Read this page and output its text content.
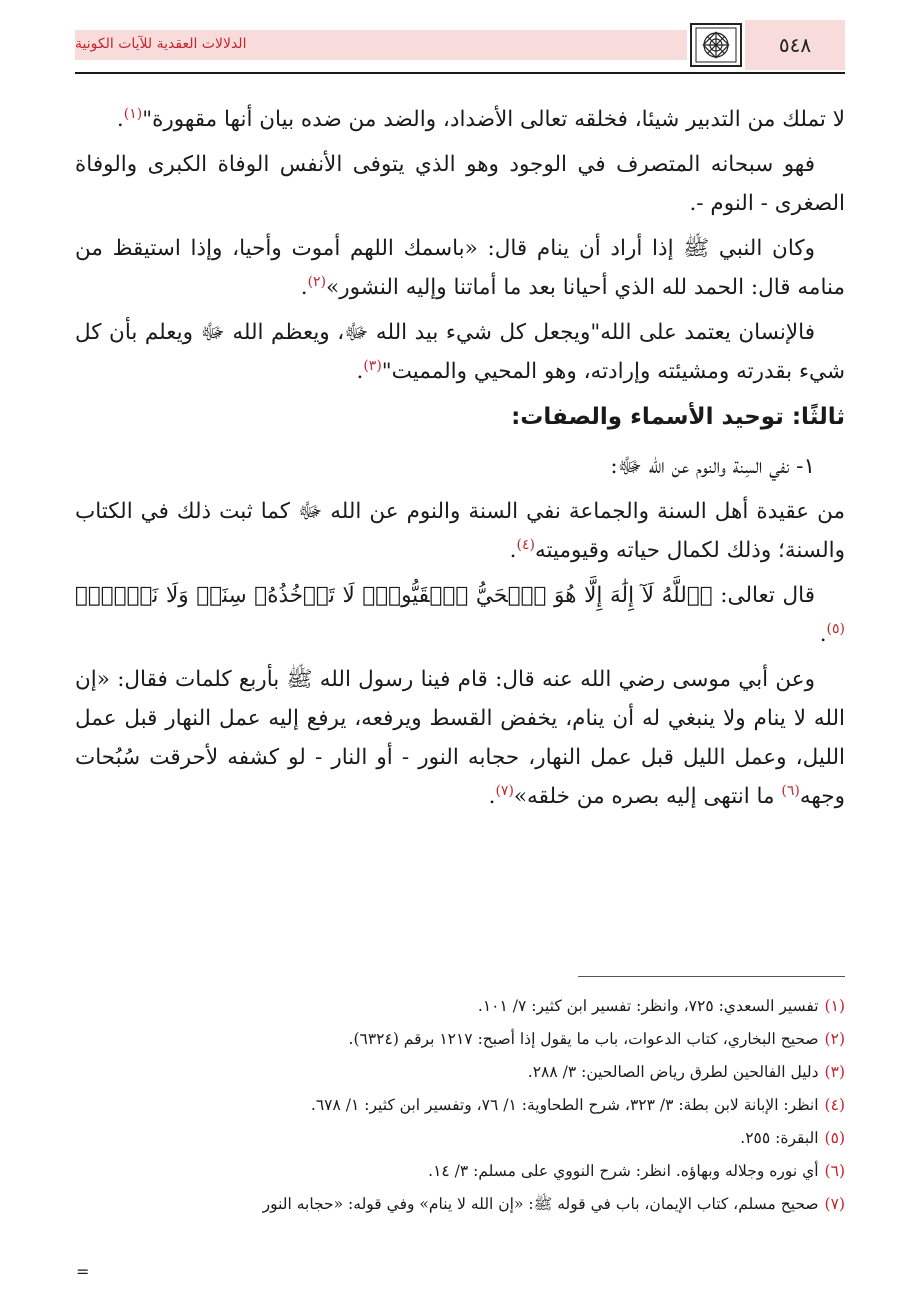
الدلالات العقدية للآيات الكونية	٥٤٨

لا تملك من التدبير شيئا، فخلقه تعالى الأضداد، والضد من ضده بيان أنها مقهورة"$^{(١)}$.

فهو سبحانه المتصرف في الوجود وهو الذي يتوفى الأنفس الوفاة الكبرى والوفاة الصغرى - النوم -.

وكان النبي ﷺ إذا أراد أن ينام قال: «باسمك اللهم أموت وأحيا، وإذا استيقظ من منامه قال: الحمد لله الذي أحيانا بعد ما أماتنا وإليه النشور»$^{(٢)}$.

فالإنسان يعتمد على الله"ويجعل كل شيء بيد الله ﷻ، ويعظم الله ﷻ ويعلم بأن كل شيء بقدرته ومشيئته وإرادته، وهو المحيي والمميت"$^{(٣)}$.

ثالثًا: توحيد الأسماء والصفات:

١- نفي السِنة والنوم عن الله ﷻ:

من عقيدة أهل السنة والجماعة نفي السنة والنوم عن الله ﷻ كما ثبت ذلك في الكتاب والسنة؛ وذلك لكمال حياته وقيوميته$^{(٤)}$.

قال تعالى: ﴿ٱللَّهُ لَآ إِلَٰهَ إِلَّا هُوَ ٱلۡحَيُّ ٱلۡقَيُّومُۚ لَا تَأۡخُذُهُۥ سِنَةٞ وَلَا نَوۡمٞۚ﴾$^{(٥)}$.

وعن أبي موسى رضي الله عنه قال: قام فينا رسول الله ﷺ بأربع كلمات فقال: «إن الله لا ينام ولا ينبغي له أن ينام، يخفض القسط ويرفعه، يرفع إليه عمل النهار قبل عمل الليل، وعمل الليل قبل عمل النهار، حجابه النور - أو النار - لو كشفه لأحرقت سُبُحات وجهه$^{(٦)}$ ما انتهى إليه بصره من خلقه»$^{(٧)}$.

(١)تفسير السعدي: ٧٢٥، وانظر: تفسير ابن كثير: ٧/ ١٠١.
(٢)صحيح البخاري، كتاب الدعوات، باب ما يقول إذا أصبح: ١٢١٧ برقم (٦٣٢٤).
(٣)دليل الفالحين لطرق رياض الصالحين: ٣/ ٢٨٨.
(٤)انظر: الإبانة لابن بطة: ٣/ ٣٢٣، شرح الطحاوية: ١/ ٧٦، وتفسير ابن كثير: ١/ ٦٧٨.
(٥)البقرة: ٢٥٥.
(٦)أي نوره وجلاله وبهاؤه. انظر: شرح النووي على مسلم: ٣/ ١٤.
(٧)صحيح مسلم، كتاب الإيمان، باب في قوله ﷺ: «إن الله لا ينام» وفي قوله: «حجابه النور
=
